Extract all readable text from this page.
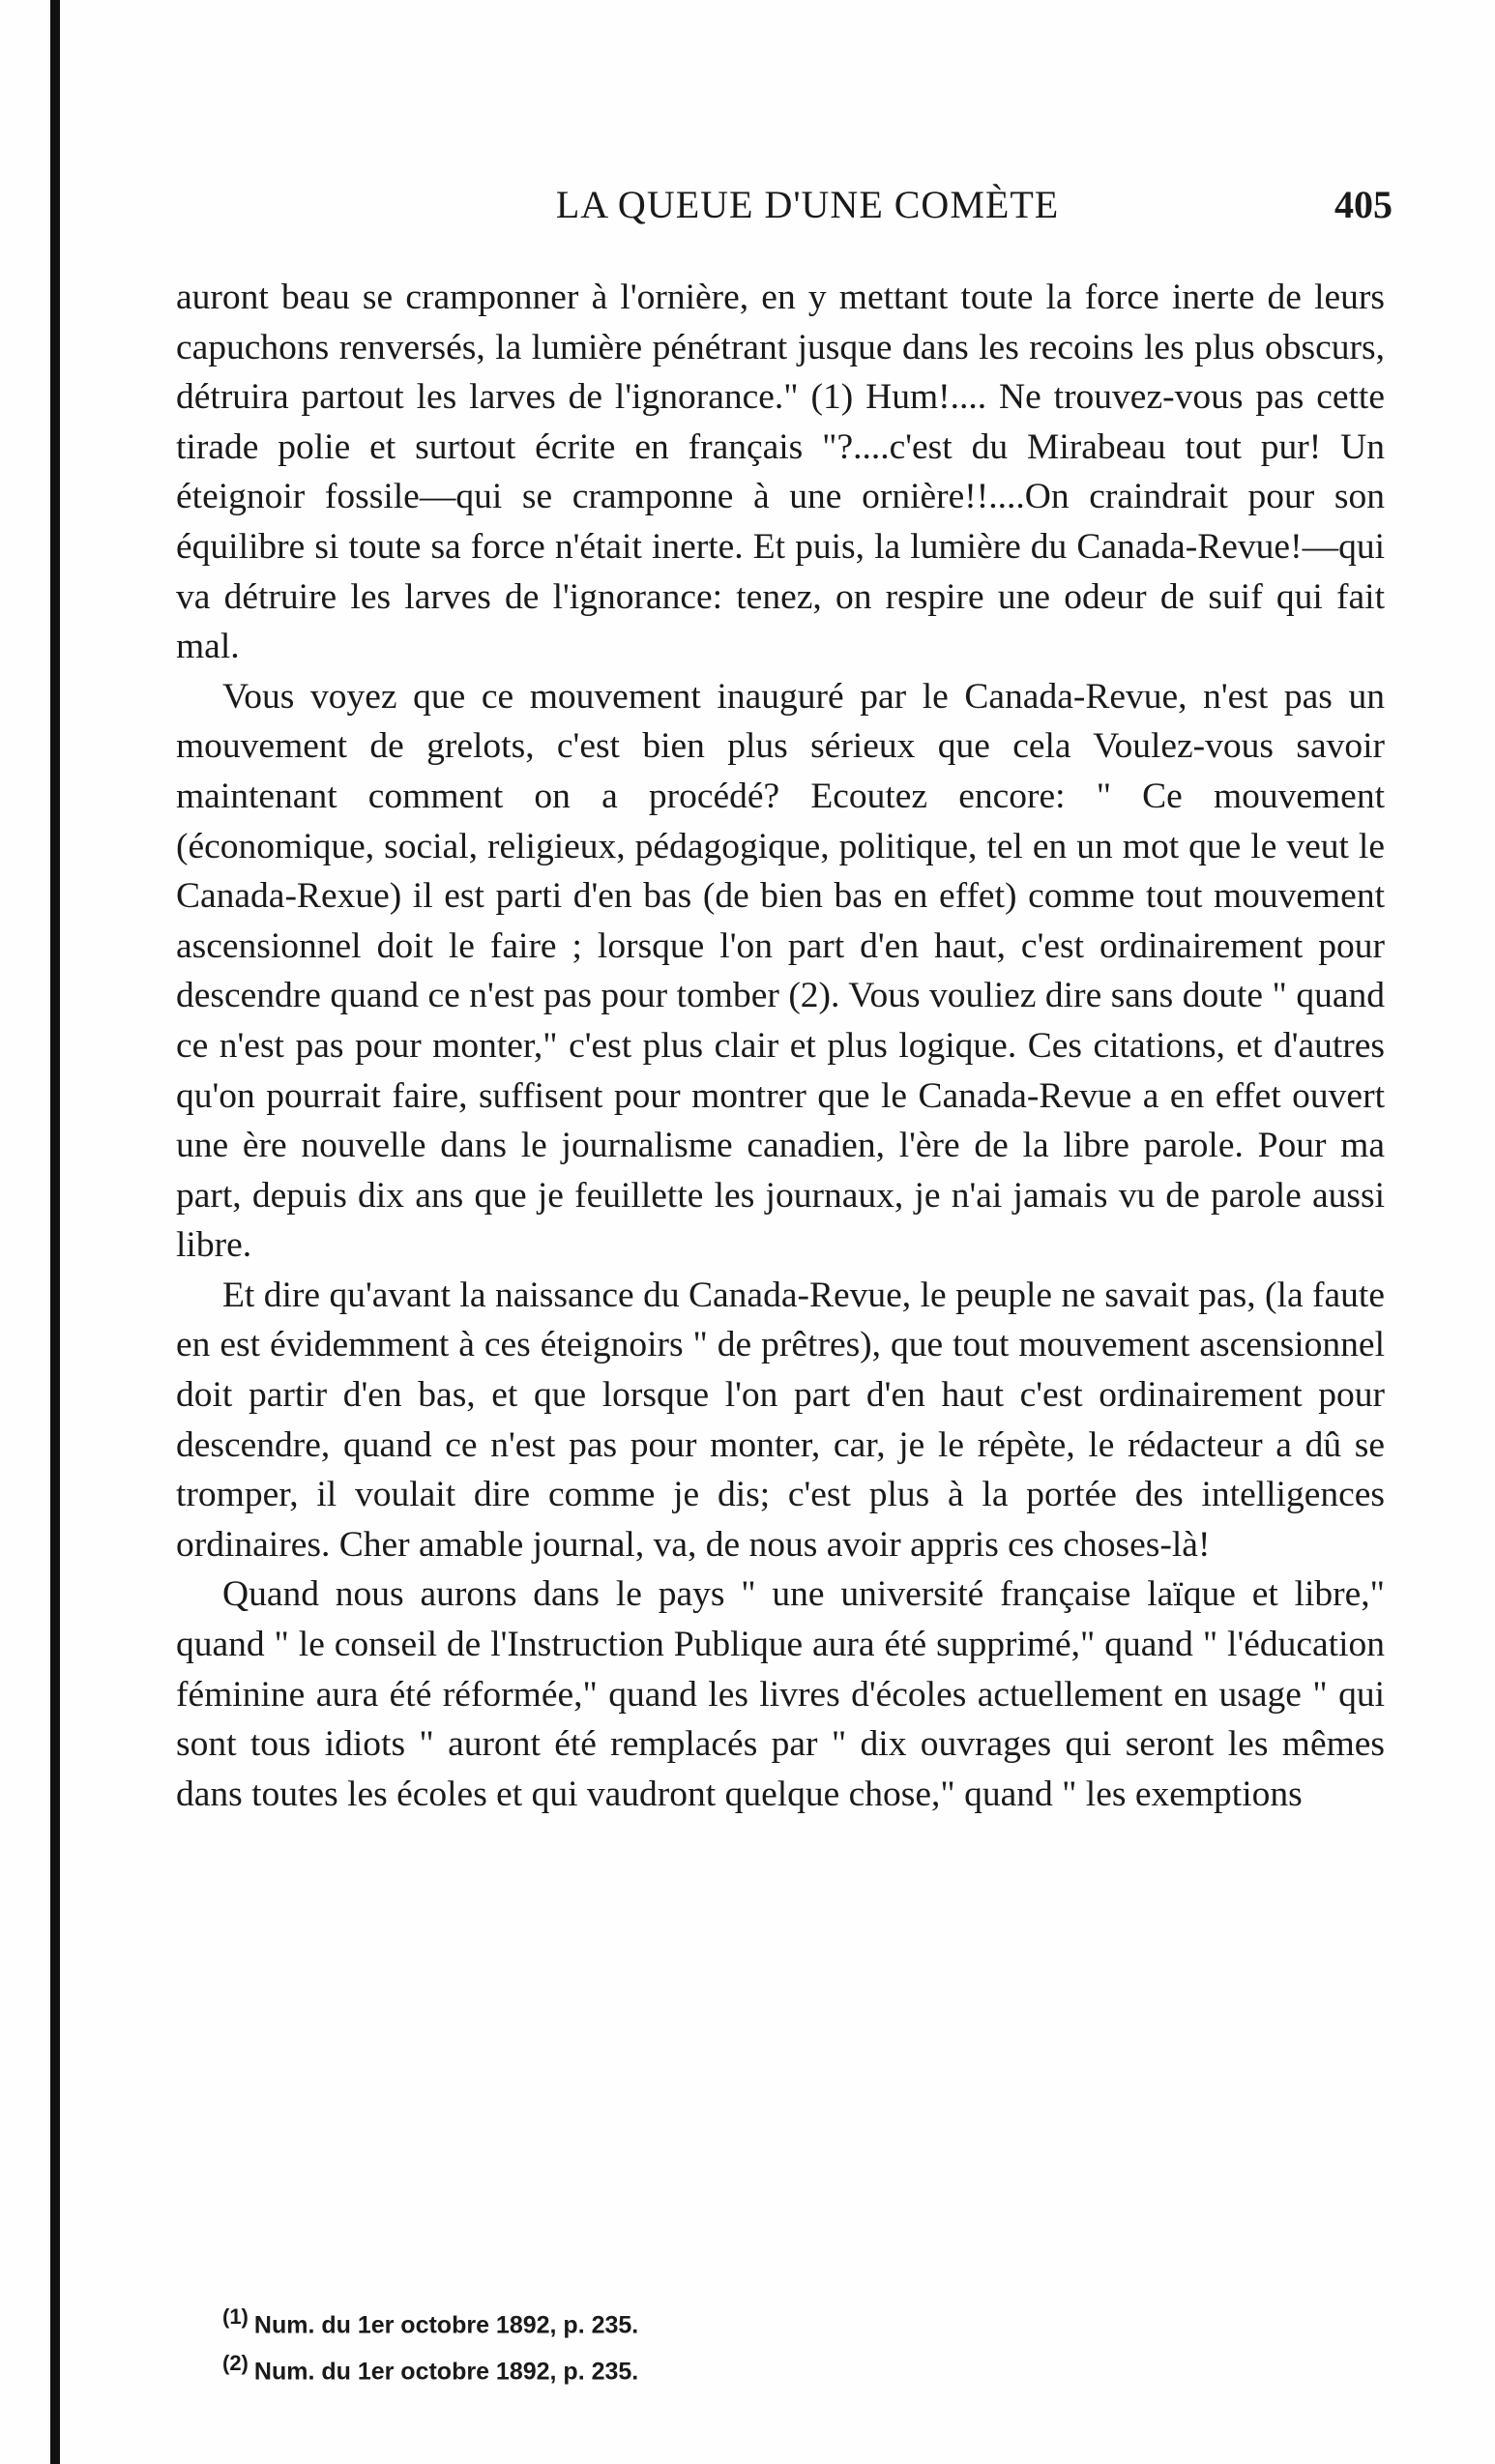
LA QUEUE D'UNE COMÈTE	405

auront beau se cramponner à l'ornière, en y mettant toute la force inerte de leurs capuchons renversés, la lumière pénétrant jusque dans les recoins les plus obscurs, détruira partout les larves de l'ignorance." (1) Hum!.... Ne trouvez-vous pas cette tirade polie et surtout écrite en français "?....c'est du Mirabeau tout pur! Un éteignoir fossile—qui se cramponne à une ornière!!....On craindrait pour son équilibre si toute sa force n'était inerte. Et puis, la lumière du Canada-Revue!—qui va détruire les larves de l'ignorance: tenez, on respire une odeur de suif qui fait mal.

Vous voyez que ce mouvement inauguré par le Canada-Revue, n'est pas un mouvement de grelots, c'est bien plus sérieux que cela Voulez-vous savoir maintenant comment on a procédé? Ecoutez encore: " Ce mouvement (économique, social, religieux, pédagogique, politique, tel en un mot que le veut le Canada-Rexue) il est parti d'en bas (de bien bas en effet) comme tout mouvement ascensionnel doit le faire ; lorsque l'on part d'en haut, c'est ordinairement pour descendre quand ce n'est pas pour tomber (2). Vous vouliez dire sans doute " quand ce n'est pas pour monter," c'est plus clair et plus logique. Ces citations, et d'autres qu'on pourrait faire, suffisent pour montrer que le Canada-Revue a en effet ouvert une ère nouvelle dans le journalisme canadien, l'ère de la libre parole. Pour ma part, depuis dix ans que je feuillette les journaux, je n'ai jamais vu de parole aussi libre.

Et dire qu'avant la naissance du Canada-Revue, le peuple ne savait pas, (la faute en est évidemment à ces éteignoirs " de prêtres), que tout mouvement ascensionnel doit partir d'en bas, et que lorsque l'on part d'en haut c'est ordinairement pour descendre, quand ce n'est pas pour monter, car, je le répète, le rédacteur a dû se tromper, il voulait dire comme je dis; c'est plus à la portée des intelligences ordinaires. Cher amable journal, va, de nous avoir appris ces choses-là!

Quand nous aurons dans le pays " une université française laïque et libre," quand " le conseil de l'Instruction Publique aura été supprimé," quand " l'éducation féminine aura été réformée," quand les livres d'écoles actuellement en usage " qui sont tous idiots " auront été remplacés par " dix ouvrages qui seront les mêmes dans toutes les écoles et qui vaudront quelque chose," quand " les exemptions

(1) Num. du 1er octobre 1892, p. 235.
(2) Num. du 1er octobre 1892, p. 235.
